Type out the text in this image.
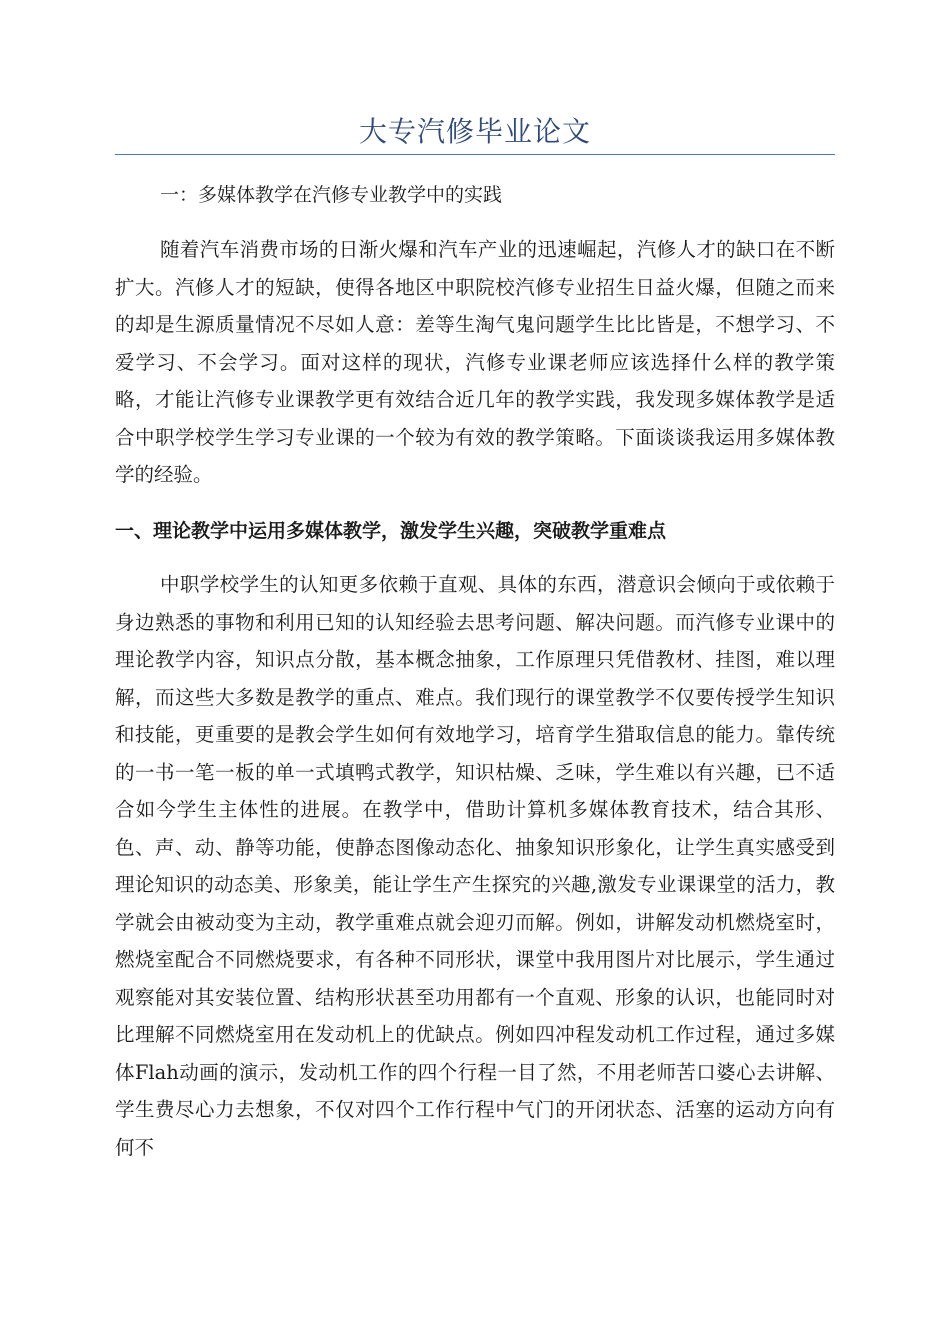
大专汽修毕业论文
一：多媒体教学在汽修专业教学中的实践

随着汽车消费市场的日渐火爆和汽车产业的迅速崛起，汽修人才的缺口在不断扩大。汽修人才的短缺，使得各地区中职院校汽修专业招生日益火爆，但随之而来的却是生源质量情况不尽如人意：差等生淘气鬼问题学生比比皆是，不想学习、不爱学习、不会学习。面对这样的现状，汽修专业课老师应该选择什么样的教学策略，才能让汽修专业课教学更有效结合近几年的教学实践，我发现多媒体教学是适合中职学校学生学习专业课的一个较为有效的教学策略。下面谈谈我运用多媒体教学的经验。

一、理论教学中运用多媒体教学，激发学生兴趣，突破教学重难点

中职学校学生的认知更多依赖于直观、具体的东西，潜意识会倾向于或依赖于身边熟悉的事物和利用已知的认知经验去思考问题、解决问题。而汽修专业课中的理论教学内容，知识点分散，基本概念抽象，工作原理只凭借教材、挂图，难以理解，而这些大多数是教学的重点、难点。我们现行的课堂教学不仅要传授学生知识和技能，更重要的是教会学生如何有效地学习，培育学生猎取信息的能力。靠传统的一书一笔一板的单一式填鸭式教学，知识枯燥、乏味，学生难以有兴趣，已不适合如今学生主体性的进展。在教学中，借助计算机多媒体教育技术，结合其形、色、声、动、静等功能，使静态图像动态化、抽象知识形象化，让学生真实感受到理论知识的动态美、形象美，能让学生产生探究的兴趣,激发专业课课堂的活力，教学就会由被动变为主动，教学重难点就会迎刃而解。例如，讲解发动机燃烧室时，燃烧室配合不同燃烧要求，有各种不同形状，课堂中我用图片对比展示，学生通过观察能对其安装位置、结构形状甚至功用都有一个直观、形象的认识，也能同时对比理解不同燃烧室用在发动机上的优缺点。例如四冲程发动机工作过程，通过多媒体Flah动画的演示，发动机工作的四个行程一目了然，不用老师苦口婆心去讲解、学生费尽心力去想象，不仅对四个工作行程中气门的开闭状态、活塞的运动方向有何不
